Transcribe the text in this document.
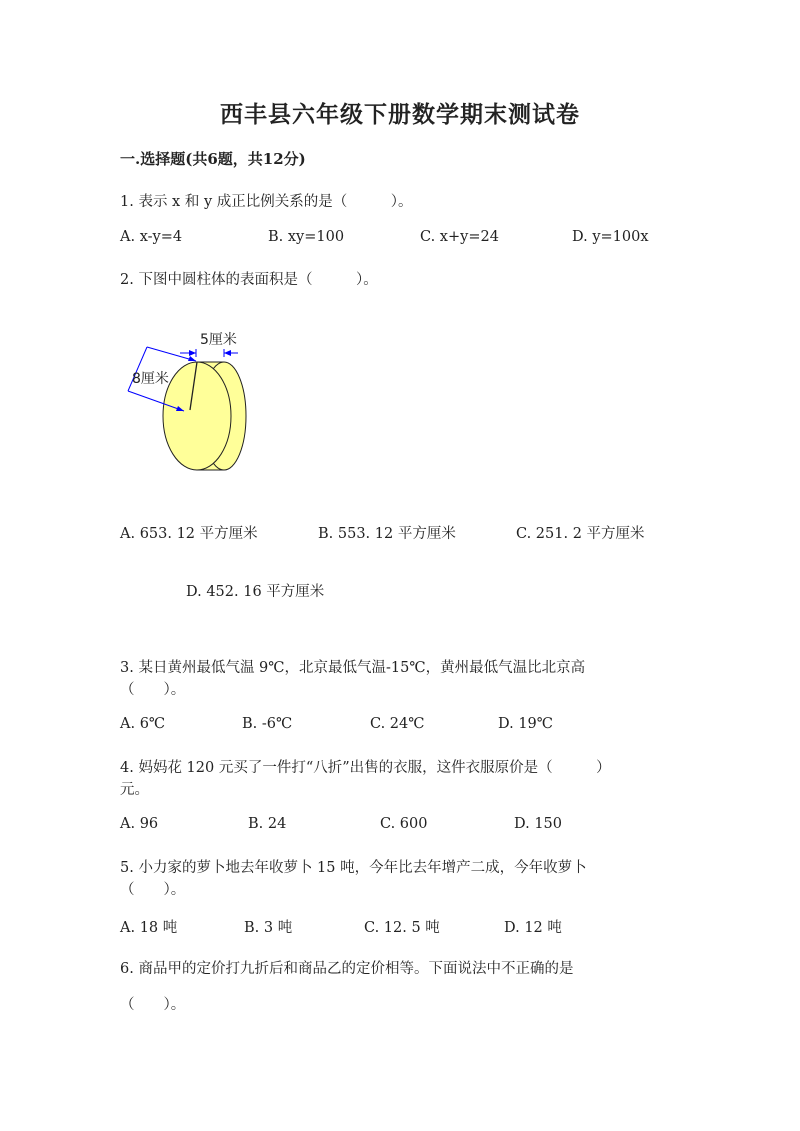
西丰县六年级下册数学期末测试卷
一.选择题(共6题，共12分)
1. 表示 x 和 y 成正比例关系的是（　　　）。
A. x-y=4	B. xy=100	C. x+y=24	D. y=100x
2. 下图中圆柱体的表面积是（　　　）。
5厘米
8厘米
A. 653. 12 平方厘米	B. 553. 12 平方厘米	C. 251. 2 平方厘米
D. 452. 16 平方厘米
3. 某日黄州最低气温 9℃，北京最低气温-15℃，黄州最低气温比北京高
（　　）。
A. 6℃	B. -6℃	C. 24℃	D. 19℃
4. 妈妈花 120 元买了一件打“八折”出售的衣服，这件衣服原价是（　　　）
元。
A. 96	B. 24	C. 600	D. 150
5. 小力家的萝卜地去年收萝卜 15 吨，今年比去年增产二成，今年收萝卜
（　　）。
A. 18 吨	B. 3 吨	C. 12. 5 吨	D. 12 吨
6. 商品甲的定价打九折后和商品乙的定价相等。下面说法中不正确的是
（　　）。
